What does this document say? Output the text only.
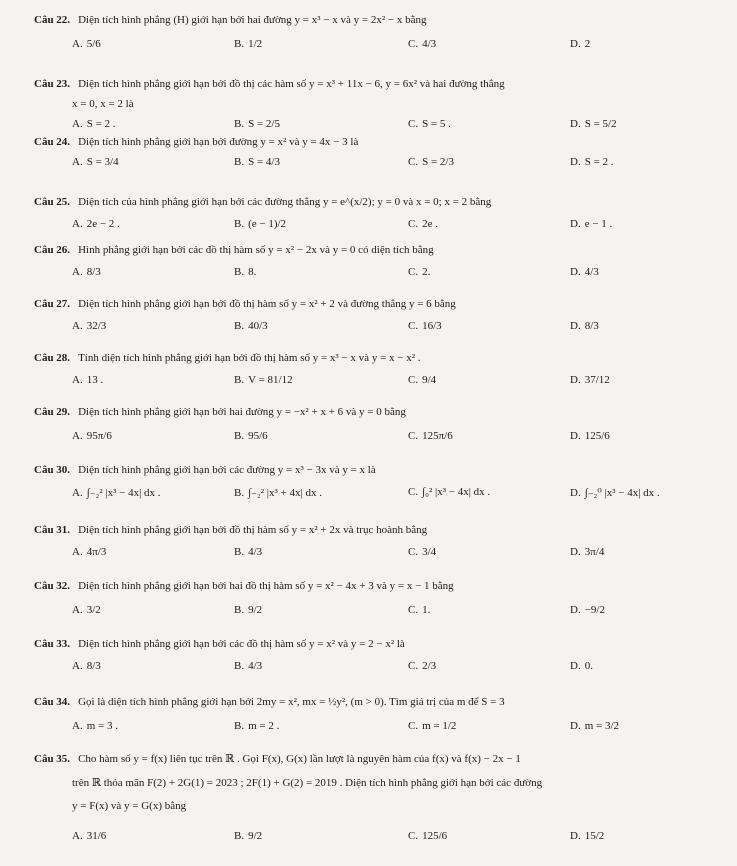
Câu 22. Diện tích hình phẳng (H) giới hạn bởi hai đường y = x³ − x và y = 2x² − x bằng
A. 5/6	B. 1/2	C. 4/3	D. 2
Câu 23. Diện tích hình phẳng giới hạn bởi đồ thị các hàm số y = x³ + 11x − 6, y = 6x² và hai đường thẳng
x = 0, x = 2 là
A. S = 2 .	B. S = 2/5	C. S = 5 .	D. S = 5/2
Câu 24. Diện tích hình phẳng giới hạn bởi đường y = x² và y = 4x − 3 là
A. S = 3/4	B. S = 4/3	C. S = 2/3	D. S = 2 .
Câu 25. Diện tích của hình phẳng giới hạn bởi các đường thẳng y = e^(x/2); y = 0 và x = 0; x = 2 bằng
A. 2e − 2 .	B. (e − 1)/2	C. 2e .	D. e − 1 .
Câu 26. Hình phẳng giới hạn bởi các đồ thị hàm số y = x² − 2x và y = 0 có diện tích bằng
A. 8/3	B. 8.	C. 2.	D. 4/3
Câu 27. Diện tích hình phẳng giới hạn bởi đồ thị hàm số y = x² + 2 và đường thẳng y = 6 bằng
A. 32/3	B. 40/3	C. 16/3	D. 8/3
Câu 28. Tính diện tích hình phẳng giới hạn bởi đồ thị hàm số y = x³ − x và y = x − x² .
A. 13 .	B. V = 81/12	C. 9/4	D. 37/12
Câu 29. Diện tích hình phẳng giới hạn bởi hai đường y = −x² + x + 6 và y = 0 bằng
A. 95π/6	B. 95/6	C. 125π/6	D. 125/6
Câu 30. Diện tích hình phẳng giới hạn bởi các đường y = x³ − 3x và y = x là
A. ∫₋₂² |x³ − 4x| dx .	B. ∫₋₂² |x³ + 4x| dx .	C. ∫₀² |x³ − 4x| dx .	D. ∫₋₂⁰ |x³ − 4x| dx .
Câu 31. Diện tích hình phẳng giới hạn bởi đồ thị hàm số y = x² + 2x và trục hoành bằng
A. 4π/3	B. 4/3	C. 3/4	D. 3π/4
Câu 32. Diện tích hình phẳng giới hạn bởi hai đồ thị hàm số y = x² − 4x + 3 và y = x − 1 bằng
A. 3/2	B. 9/2	C. 1.	D. −9/2
Câu 33. Diện tích hình phẳng giới hạn bởi các đồ thị hàm số y = x² và y = 2 − x² là
A. 8/3	B. 4/3	C. 2/3	D. 0.
Câu 34. Gọi là diện tích hình phẳng giới hạn bởi 2my = x², mx = ½y², (m > 0). Tìm giá trị của m để S = 3
A. m = 3 .	B. m = 2 .	C. m = 1/2	D. m = 3/2
Câu 35. Cho hàm số y = f(x) liên tục trên ℝ . Gọi F(x), G(x) lần lượt là nguyên hàm của f(x) và f(x) − 2x − 1
trên ℝ thỏa mãn F(2) + 2G(1) = 2023 ; 2F(1) + G(2) = 2019 . Diện tích hình phẳng giới hạn bởi các đường
y = F(x) và y = G(x) bằng
A. 31/6	B. 9/2	C. 125/6	D. 15/2
